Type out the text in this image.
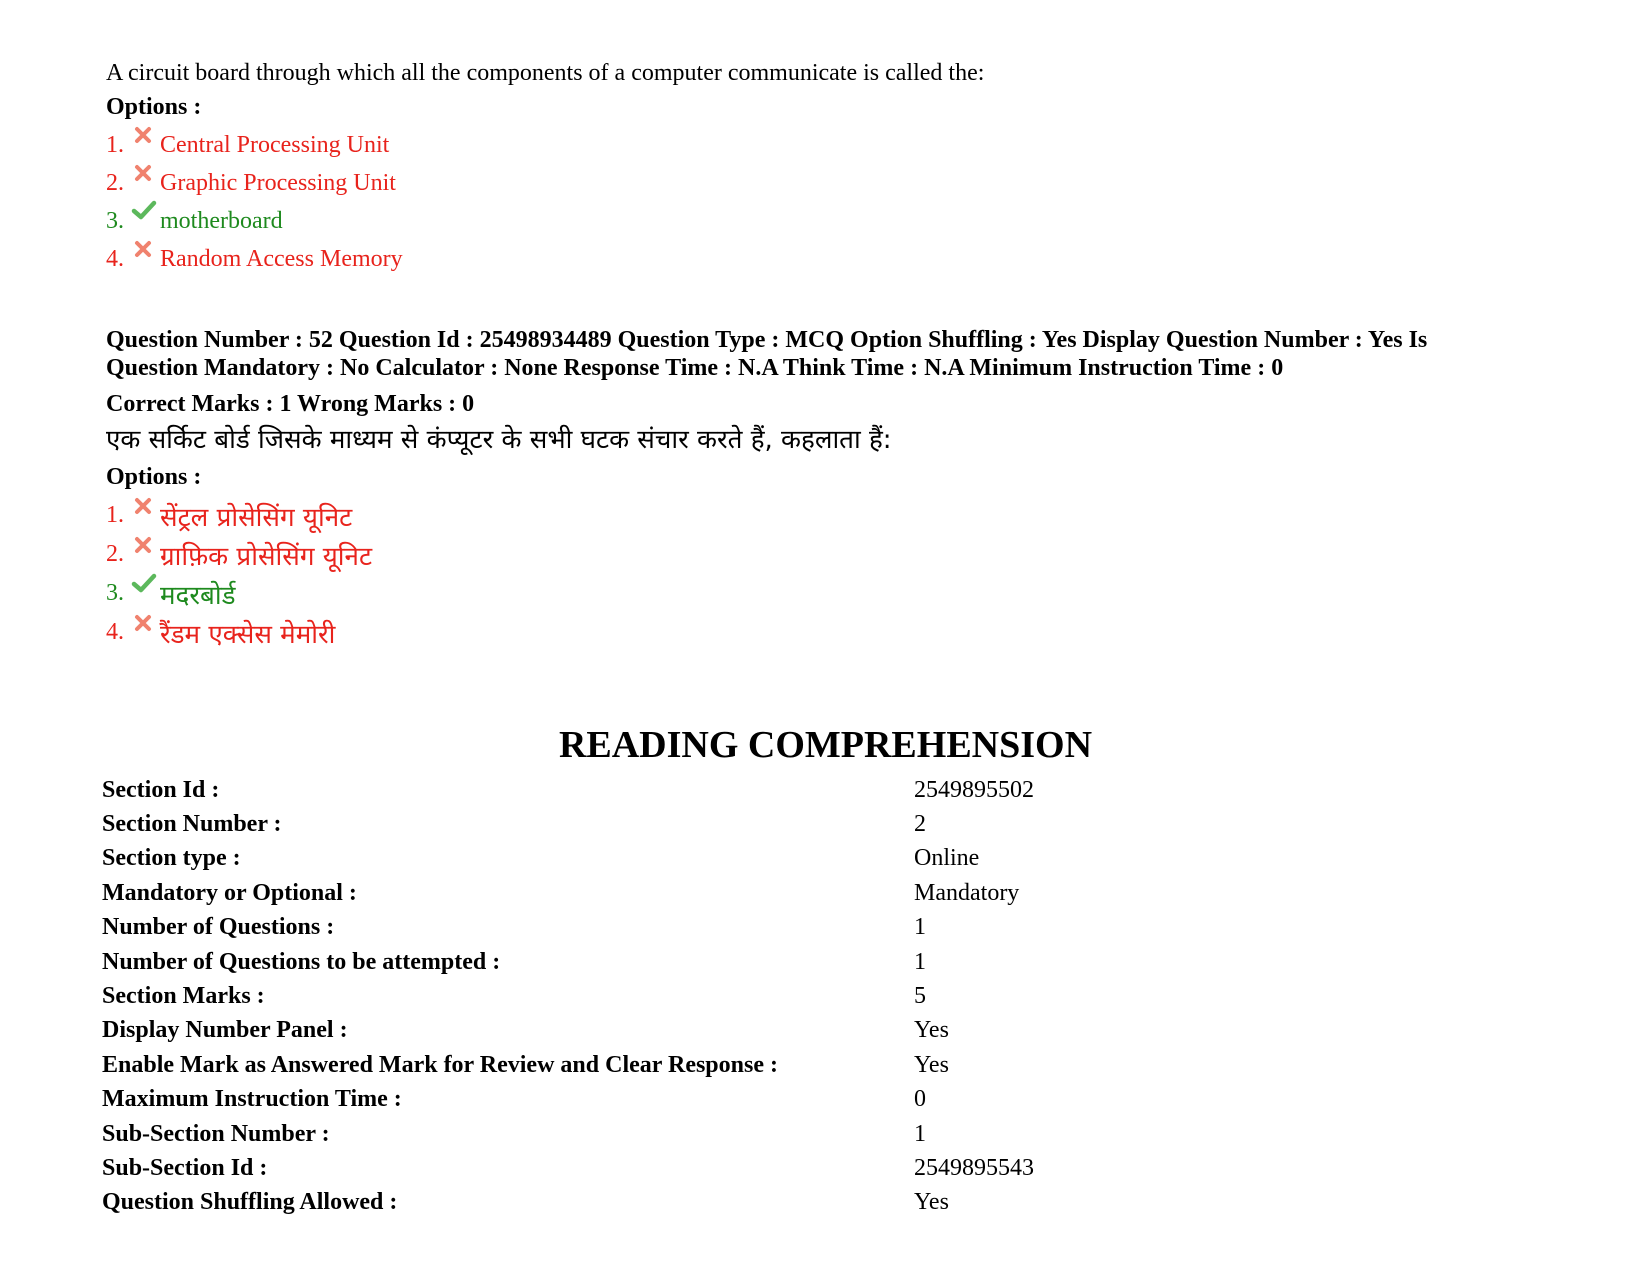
A circuit board through which all the components of a computer communicate is called the:
Options :
1. Central Processing Unit
2. Graphic Processing Unit
3. motherboard
4. Random Access Memory
Question Number : 52 Question Id : 25498934489 Question Type : MCQ Option Shuffling : Yes Display Question Number : Yes Is
Question Mandatory : No Calculator : None Response Time : N.A Think Time : N.A Minimum Instruction Time : 0
Correct Marks : 1 Wrong Marks : 0
एक सर्किट बोर्ड जिसके माध्यम से कंप्यूटर के सभी घटक संचार करते हैं, कहलाता हैं:
Options :
1. सेंट्रल प्रोसेसिंग यूनिट
2. ग्राफ़िक प्रोसेसिंग यूनिट
3. मदरबोर्ड
4. रैंडम एक्सेस मेमोरी
READING COMPREHENSION
Section Id :	2549895502
Section Number :	2
Section type :	Online
Mandatory or Optional :	Mandatory
Number of Questions :	1
Number of Questions to be attempted :	1
Section Marks :	5
Display Number Panel :	Yes
Enable Mark as Answered Mark for Review and Clear Response :	Yes
Maximum Instruction Time :	0
Sub-Section Number :	1
Sub-Section Id :	2549895543
Question Shuffling Allowed :	Yes
